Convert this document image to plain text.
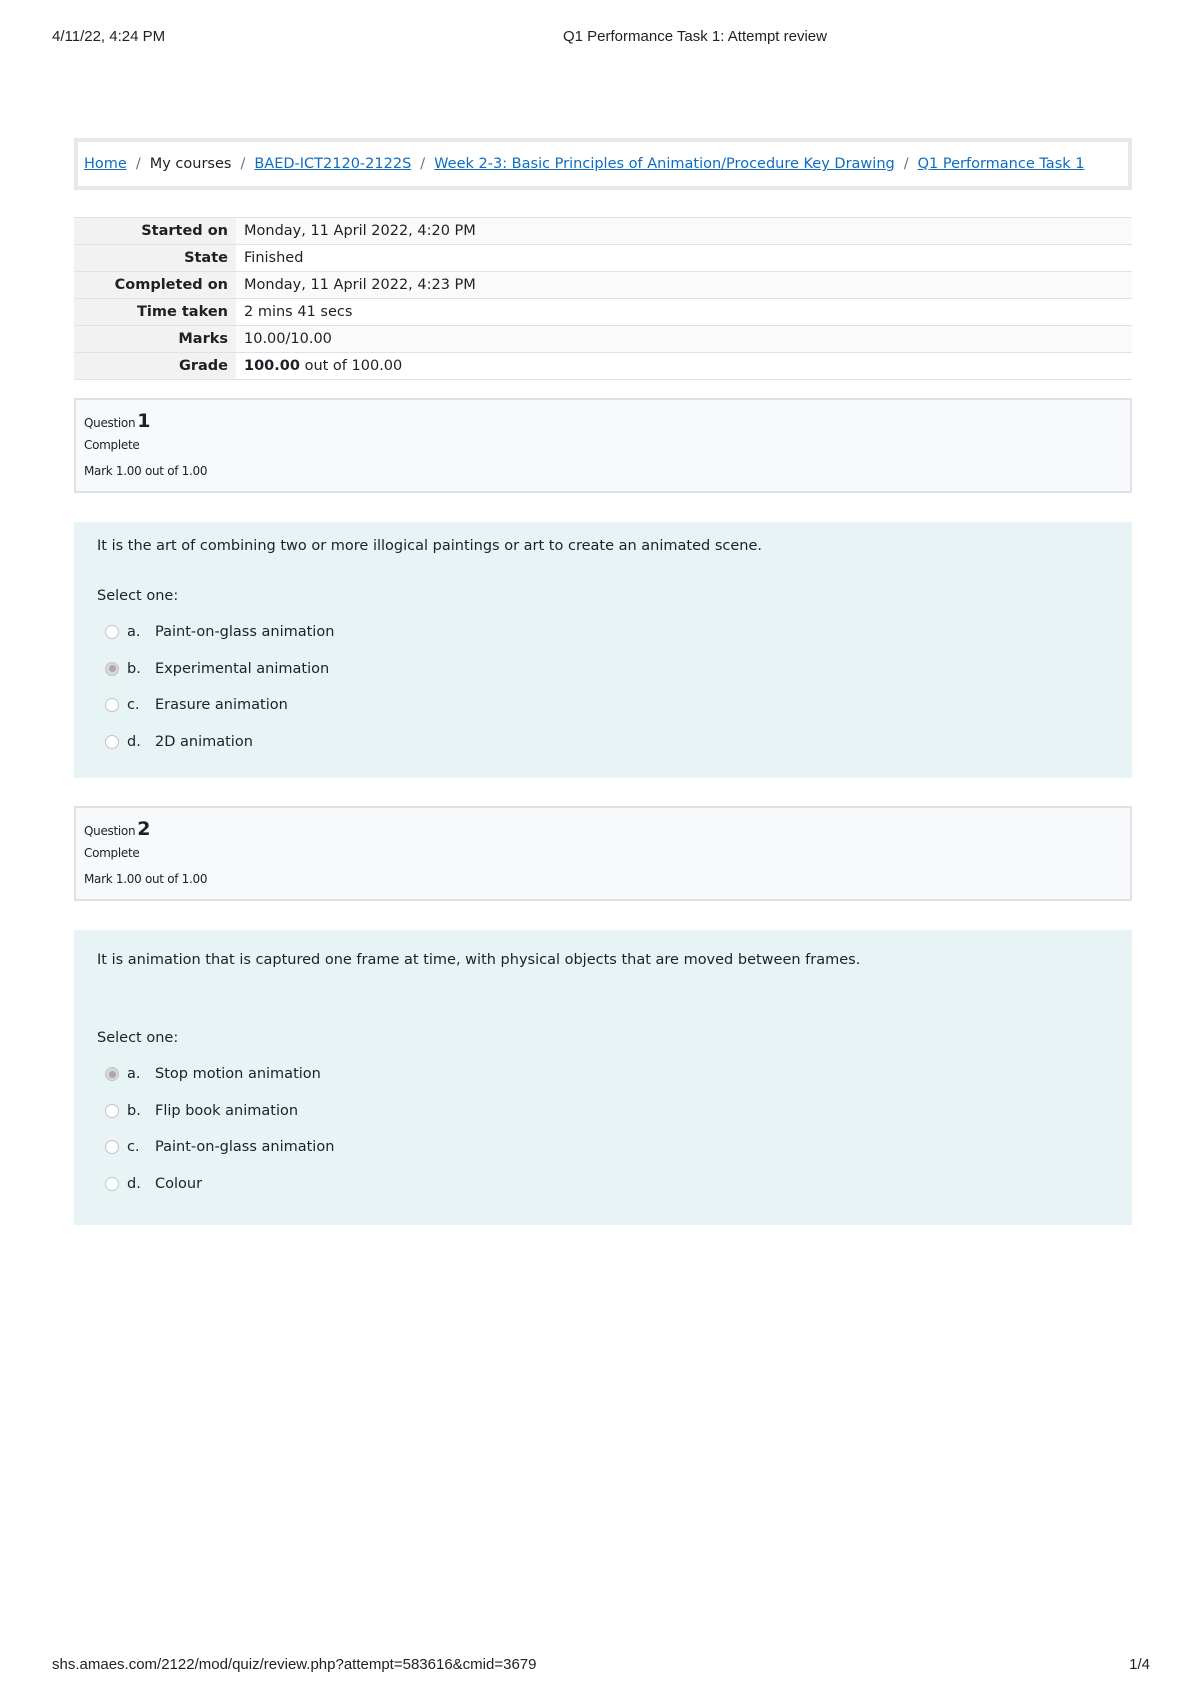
4/11/22, 4:24 PM	Q1 Performance Task 1: Attempt review
Home / My courses / BAED-ICT2120-2122S / Week 2-3: Basic Principles of Animation/Procedure Key Drawing / Q1 Performance Task 1
Started on	Monday, 11 April 2022, 4:20 PM
State	Finished
Completed on	Monday, 11 April 2022, 4:23 PM
Time taken	2 mins 41 secs
Marks	10.00/10.00
Grade	100.00 out of 100.00
Question 1
Complete
Mark 1.00 out of 1.00
It is the art of combining two or more illogical paintings or art to create an animated scene.
Select one:
a.	Paint-on-glass animation
b. Experimental animation
c.	Erasure animation
d. 2D animation
Question 2
Complete
Mark 1.00 out of 1.00
It is animation that is captured one frame at time, with physical objects that are moved between frames.
Select one:
a.	Stop motion animation
b. Flip book animation
c.	Paint-on-glass animation
d. Colour
shs.amaes.com/2122/mod/quiz/review.php?attempt=583616&cmid=3679	1/4
